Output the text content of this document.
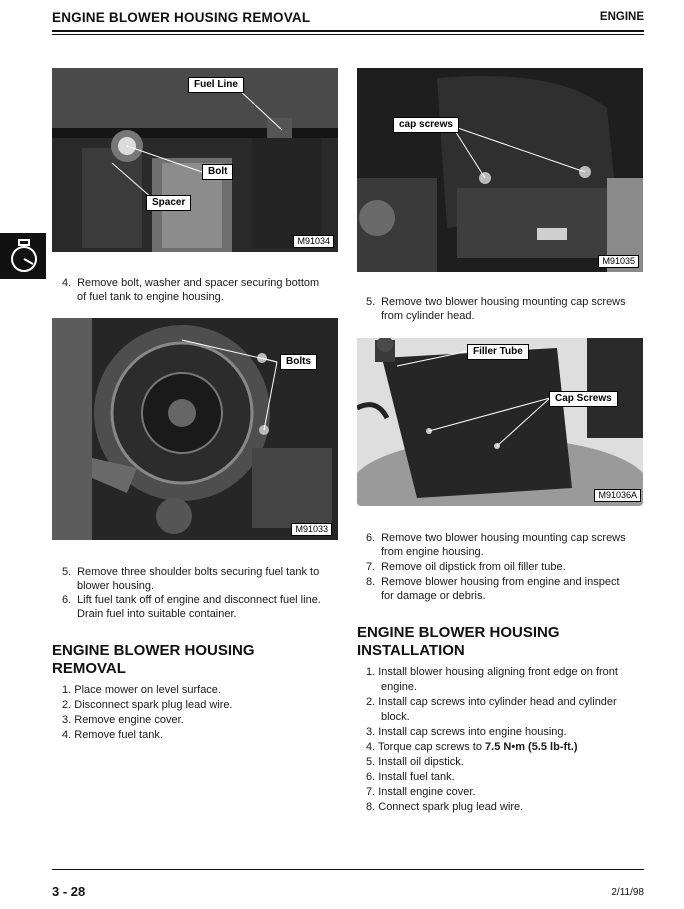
ENGINE BLOWER HOUSING REMOVAL	ENGINE
Fuel Line
Bolt
Spacer
M91034
cap screws
M91035
4. Remove bolt, washer and spacer securing bottom
of fuel tank to engine housing.	5. Remove two blower housing mounting cap screws
from cylinder head.
Bolts
M91033
Filler Tube
Cap Screws
M91036A
6. Remove two blower housing mounting cap screws
from engine housing.
7. Remove oil dipstick from oil filler tube.
8. Remove blower housing from engine and inspect
for damage or debris.
5. Remove three shoulder bolts securing fuel tank to
blower housing.
6. Lift fuel tank off of engine and disconnect fuel line.
Drain fuel into suitable container.
ENGINE BLOWER HOUSING
INSTALLATION
ENGINE BLOWER HOUSING
REMOVAL
1. Place mower on level surface.
2. Disconnect spark plug lead wire.
3. Remove engine cover.
4. Remove fuel tank.
1. Install blower housing aligning front edge on front
engine.
2. Install cap screws into cylinder head and cylinder
block.
3. Install cap screws into engine housing.
4. Torque cap screws to 7.5 N•m (5.5 lb-ft.)
5. Install oil dipstick.
6. Install fuel tank.
7. Install engine cover.
8. Connect spark plug lead wire.
3 - 28	2/11/98
